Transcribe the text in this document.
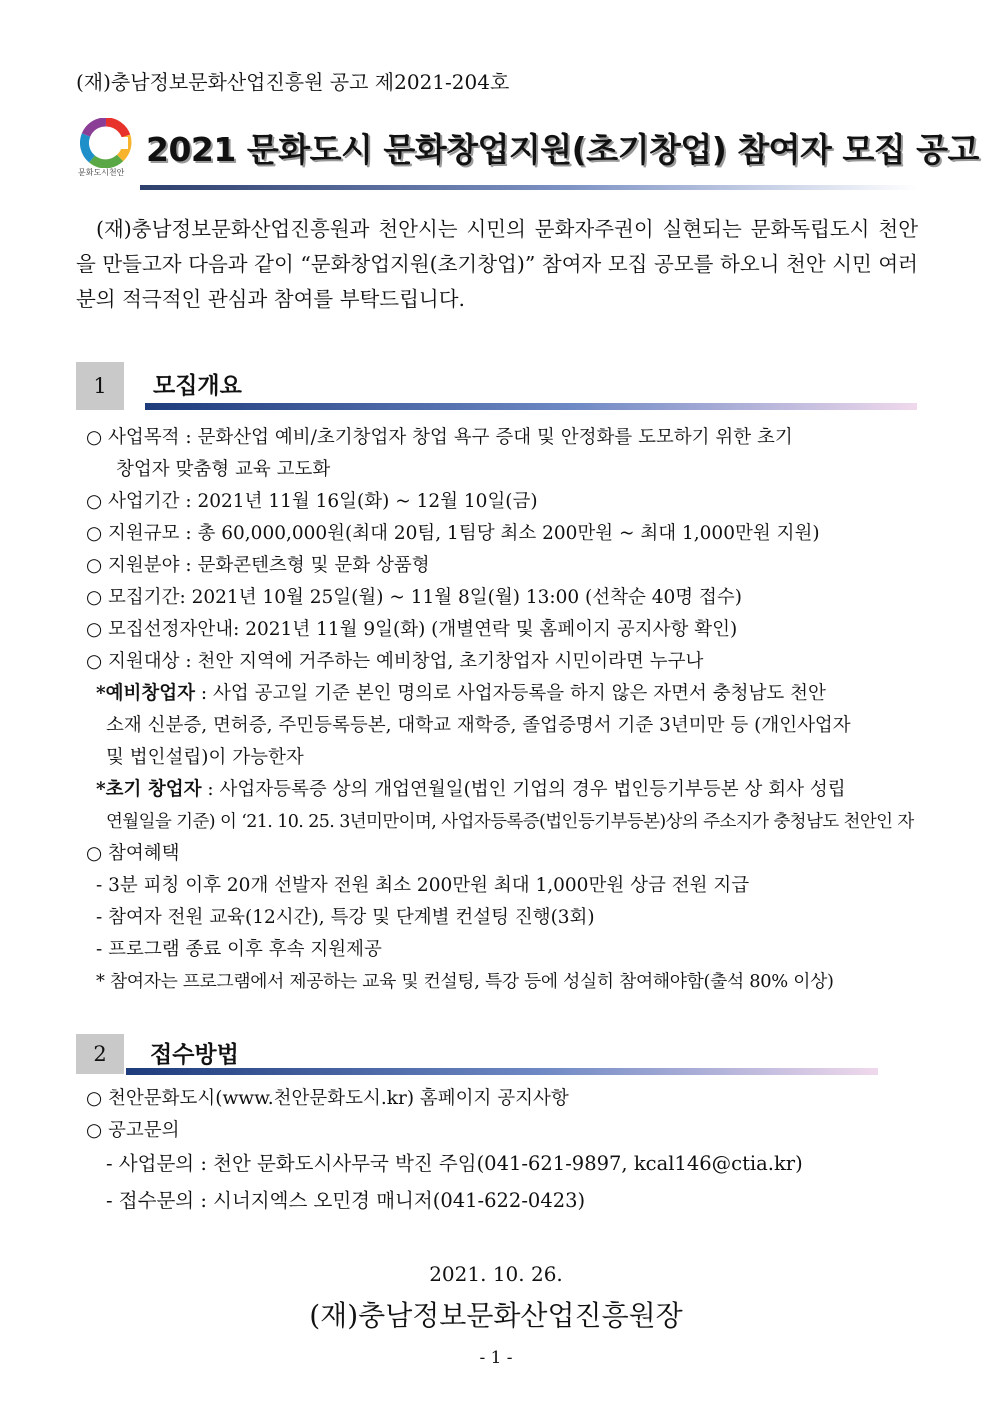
(재)충남정보문화산업진흥원 공고 제2021-204호
문화도시천안
2021 문화도시 문화창업지원(초기창업) 참여자 모집 공고
(재)충남정보문화산업진흥원과 천안시는 시민의 문화자주권이 실현되는 문화독립도시 천안을 만들고자 다음과 같이 “문화창업지원(초기창업)” 참여자 모집 공모를 하오니 천안 시민 여러분의 적극적인 관심과 참여를 부탁드립니다.
1	모집개요
○ 사업목적 : 문화산업 예비/초기창업자 창업 욕구 증대 및 안정화를 도모하기 위한 초기
창업자 맞춤형 교육 고도화
○ 사업기간 : 2021년 11월 16일(화) ~ 12월 10일(금)
○ 지원규모 : 총 60,000,000원(최대 20팀, 1팀당 최소 200만원 ~ 최대 1,000만원 지원)
○ 지원분야 : 문화콘텐츠형 및 문화 상품형
○ 모집기간: 2021년 10월 25일(월) ~ 11월 8일(월) 13:00 (선착순 40명 접수)
○ 모집선정자안내: 2021년 11월 9일(화) (개별연락 및 홈페이지 공지사항 확인)
○ 지원대상 : 천안 지역에 거주하는 예비창업, 초기창업자 시민이라면 누구나
*예비창업자 : 사업 공고일 기준 본인 명의로 사업자등록을 하지 않은 자면서 충청남도 천안
소재 신분증, 면허증, 주민등록등본, 대학교 재학증, 졸업증명서 기준 3년미만 등 (개인사업자
및 법인설립)이 가능한자
*초기 창업자 : 사업자등록증 상의 개업연월일(법인 기업의 경우 법인등기부등본 상 회사 성립
연월일을 기준) 이 ‘21. 10. 25. 3년미만이며, 사업자등록증(법인등기부등본)상의 주소지가 충청남도 천안인 자
○ 참여혜택
- 3분 피칭 이후 20개 선발자 전원 최소 200만원 최대 1,000만원 상금 전원 지급
- 참여자 전원 교육(12시간), 특강 및 단계별 컨설팅 진행(3회)
- 프로그램 종료 이후 후속 지원제공
* 참여자는 프로그램에서 제공하는 교육 및 컨설팅, 특강 등에 성실히 참여해야함(출석 80% 이상)
2	접수방법
○ 천안문화도시(www.천안문화도시.kr) 홈페이지 공지사항
○ 공고문의
- 사업문의 : 천안 문화도시사무국 박진 주임(041-621-9897, kcal146@ctia.kr)
- 접수문의 : 시너지엑스 오민경 매니저(041-622-0423)
2021. 10. 26.
(재)충남정보문화산업진흥원장
- 1 -
